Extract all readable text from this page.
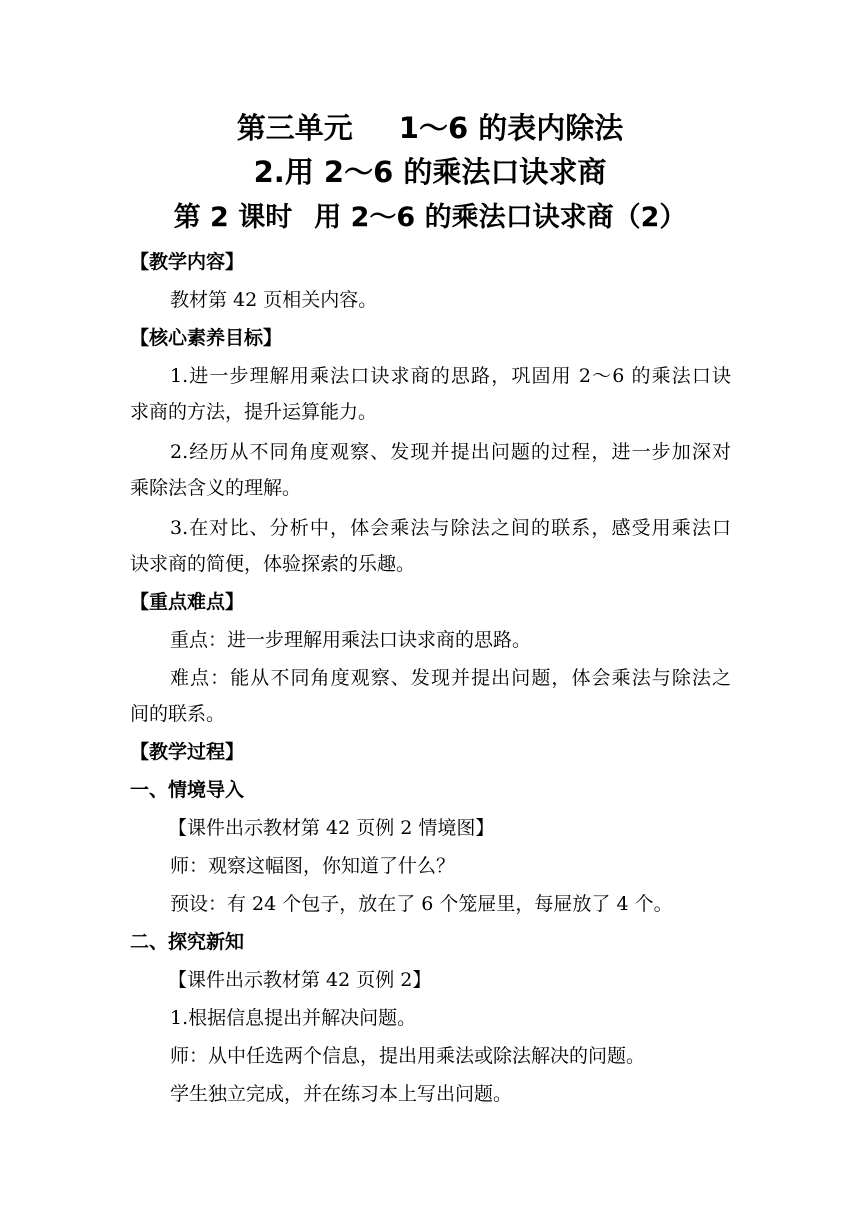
第三单元 1～6 的表内除法
2.用 2～6 的乘法口诀求商
第 2 课时 用 2～6 的乘法口诀求商（2）
【教学内容】
教材第 42 页相关内容。
【核心素养目标】
1.进一步理解用乘法口诀求商的思路，巩固用 2～6 的乘法口诀
求商的方法，提升运算能力。
2.经历从不同角度观察、发现并提出问题的过程，进一步加深对
乘除法含义的理解。
3.在对比、分析中，体会乘法与除法之间的联系，感受用乘法口
诀求商的简便，体验探索的乐趣。
【重点难点】
重点：进一步理解用乘法口诀求商的思路。
难点：能从不同角度观察、发现并提出问题，体会乘法与除法之
间的联系。
【教学过程】
一、情境导入
【课件出示教材第 42 页例 2 情境图】
师：观察这幅图，你知道了什么？
预设：有 24 个包子，放在了 6 个笼屉里，每屉放了 4 个。
二、探究新知
【课件出示教材第 42 页例 2】
1.根据信息提出并解决问题。
师：从中任选两个信息，提出用乘法或除法解决的问题。
学生独立完成，并在练习本上写出问题。
